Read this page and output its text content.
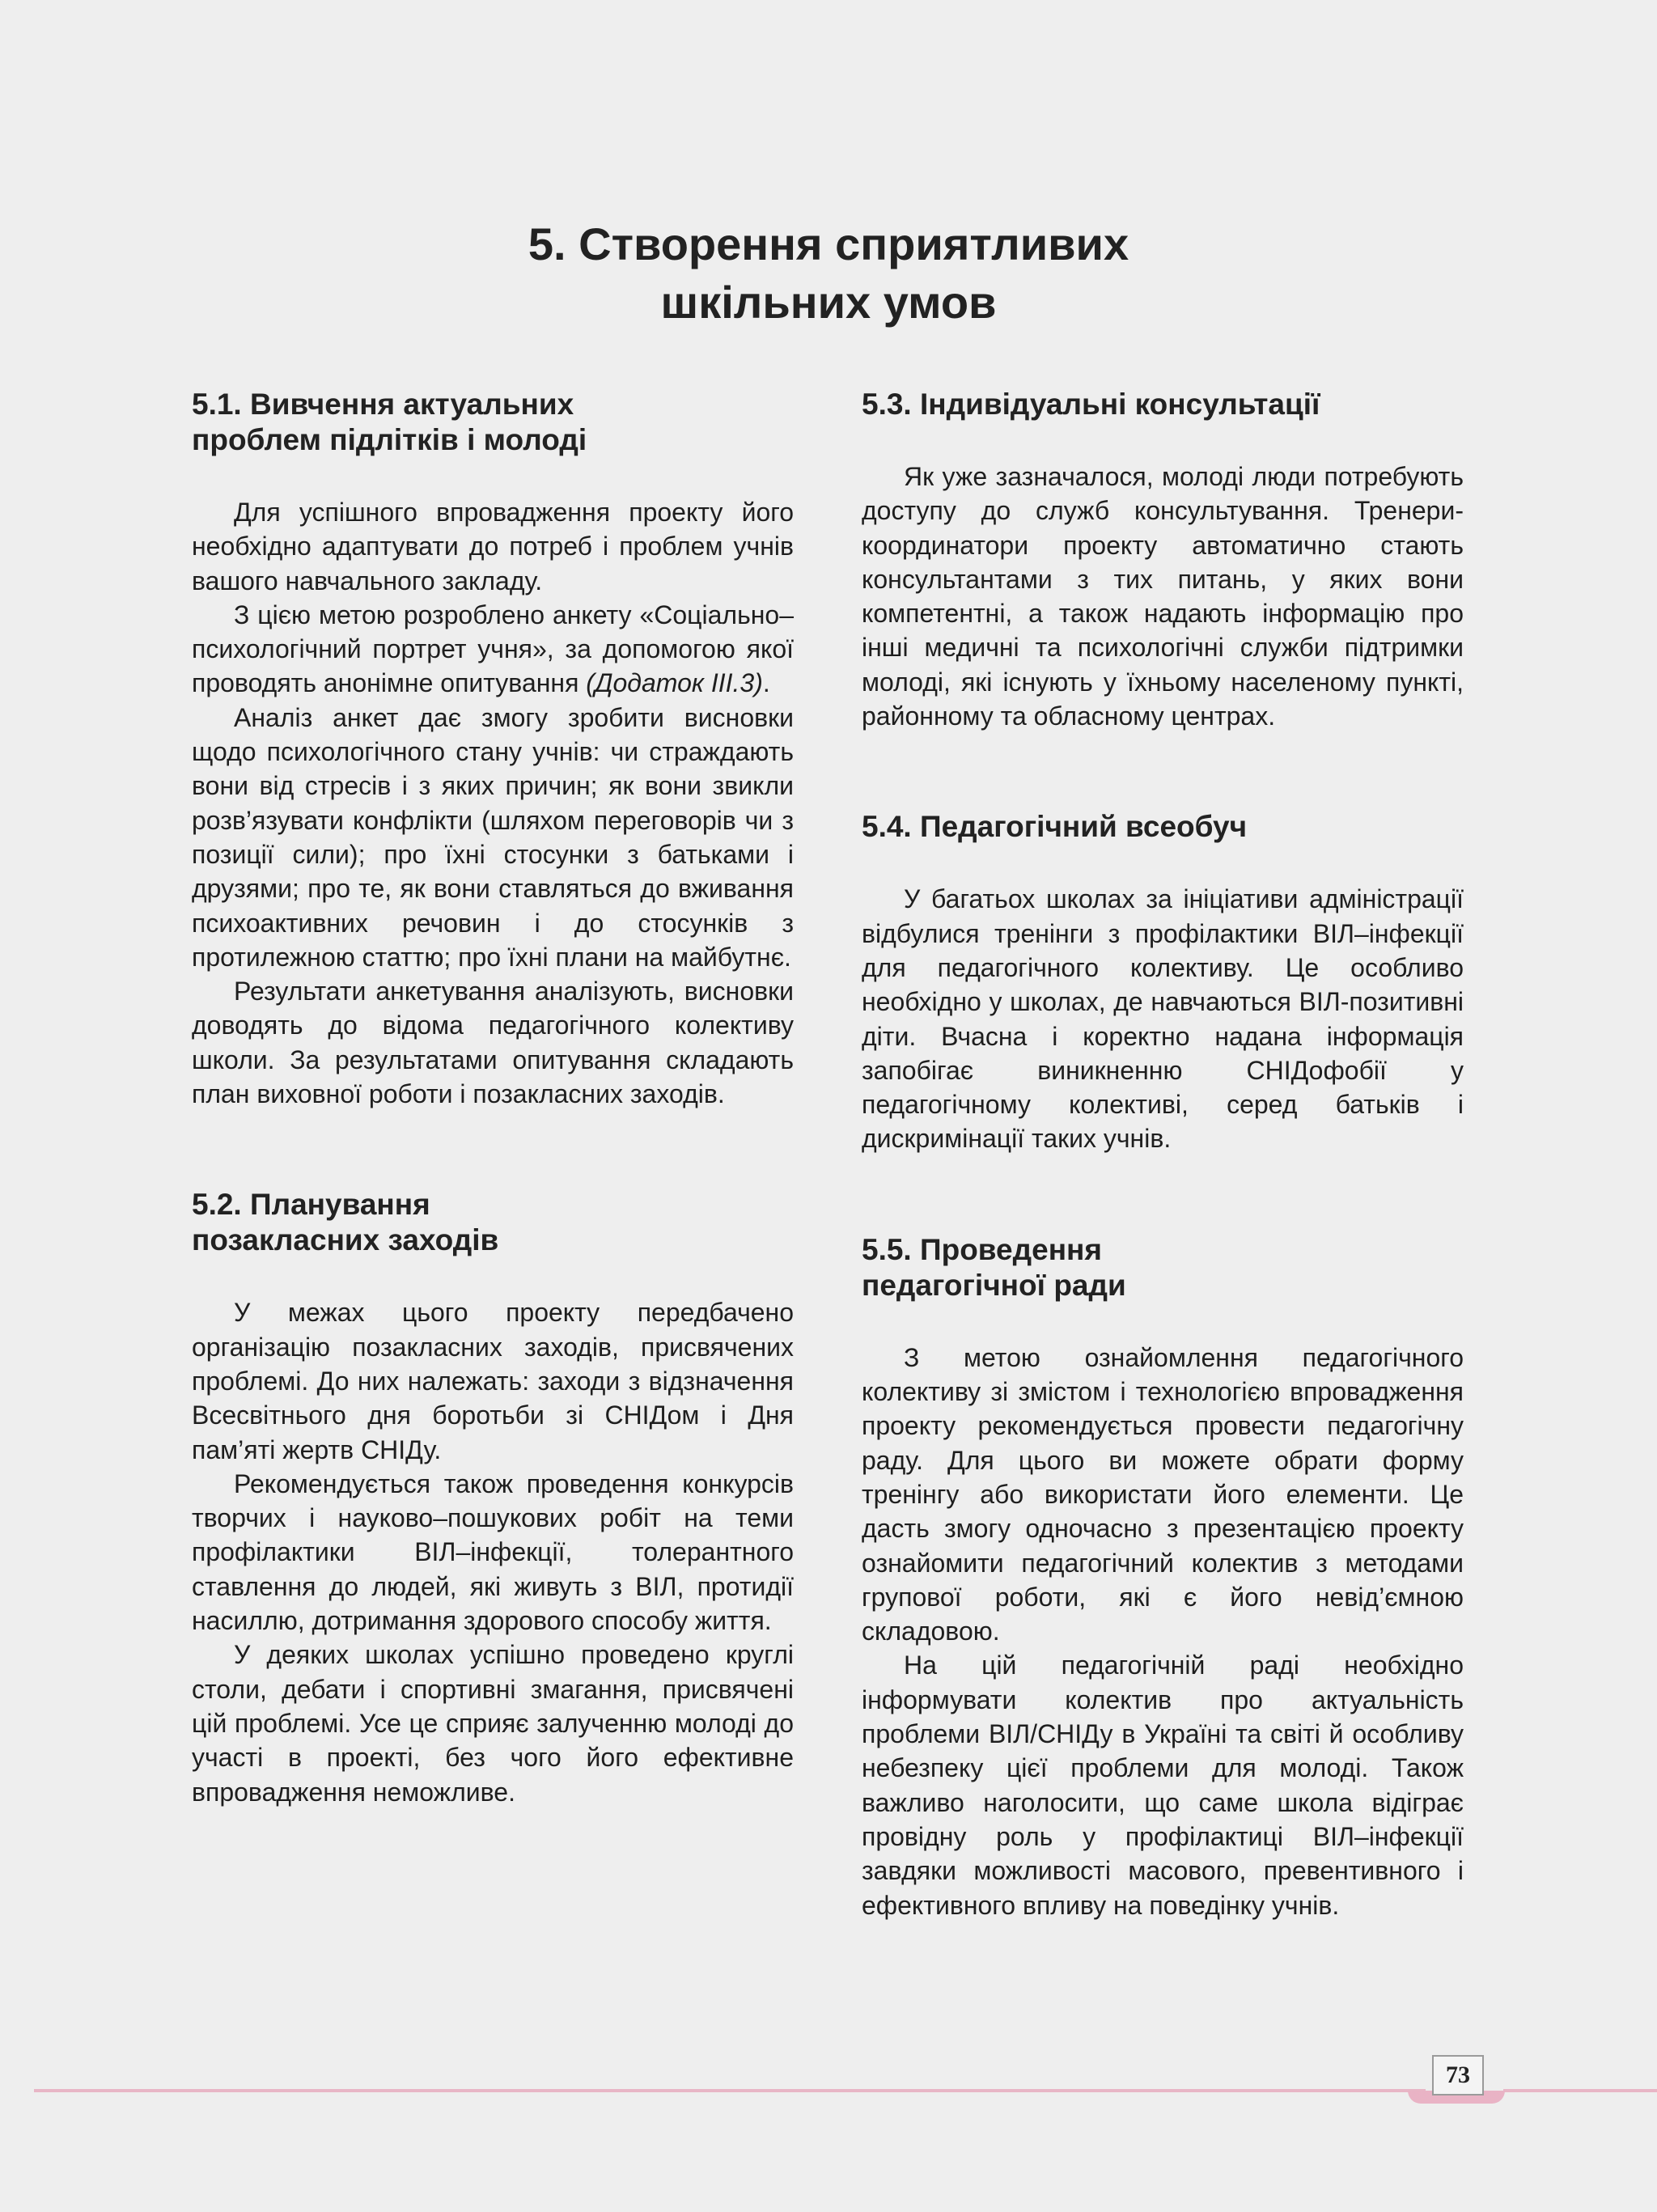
5. Створення сприятливих
шкільних умов
5.1. Вивчення актуальних
проблем підлітків і молоді

Для успішного впровадження проекту його необхідно адаптувати до потреб і проблем учнів вашого навчального закладу.

З цією метою розроблено анкету «Соціально–психологічний портрет учня», за допомогою якої проводять анонімне опитування (Додаток ІІІ.3).

Аналіз анкет дає змогу зробити висновки щодо психологічного стану учнів: чи страждають вони від стресів і з яких причин; як вони звикли розв’язувати конфлікти (шляхом переговорів чи з позиції сили); про їхні стосунки з батьками і друзями; про те, як вони ставляться до вживання психоактивних речовин і до стосунків з протилежною статтю; про їхні плани на майбутнє.

Результати анкетування аналізують, висновки доводять до відома педагогічного колективу школи. За результатами опитування складають план виховної роботи і позакласних заходів.

5.2. Планування
позакласних заходів

У межах цього проекту передбачено організацію позакласних заходів, присвячених проблемі. До них належать: заходи з відзначення Всесвітнього дня боротьби зі СНІДом і Дня пам’яті жертв СНІДу.

Рекомендується також проведення конкурсів творчих і науково–пошукових робіт на теми профілактики ВІЛ–інфекції, толерантного ставлення до людей, які живуть з ВІЛ, протидії насиллю, дотримання здорового способу життя.

У деяких школах успішно проведено круглі столи, дебати і спортивні змагання, присвячені цій проблемі. Усе це сприяє залученню молоді до участі в проекті, без чого його ефективне впровадження неможливе.

5.3. Індивідуальні консультації

Як уже зазначалося, молоді люди потребують доступу до служб консультування. Тренери-координатори проекту автоматично стають консультантами з тих питань, у яких вони компетентні, а також надають інформацію про інші медичні та психологічні служби підтримки молоді, які існують у їхньому населеному пункті, районному та обласному центрах.

5.4. Педагогічний всеобуч

У багатьох школах за ініціативи адміністрації відбулися тренінги з профілактики ВІЛ–інфекції для педагогічного колективу. Це особливо необхідно у школах, де навчаються ВІЛ-позитивні діти. Вчасна і коректно надана інформація запобігає виникненню СНІДофобії у педагогічному колективі, серед батьків і дискримінації таких учнів.

5.5. Проведення
педагогічної ради

З метою ознайомлення педагогічного колективу зі змістом і технологією впровадження проекту рекомендується провести педагогічну раду. Для цього ви можете обрати форму тренінгу або використати його елементи. Це дасть змогу одночасно з презентацією проекту ознайомити педагогічний колектив з методами групової роботи, які є його невід’ємною складовою.

На цій педагогічній раді необхідно інформувати колектив про актуальність проблеми ВІЛ/СНІДу в Україні та світі й особливу небезпеку цієї проблеми для молоді. Також важливо наголосити, що саме школа відіграє провідну роль у профілактиці ВІЛ–інфекції завдяки можливості масового, превентивного і ефективного впливу на поведінку учнів.

73
